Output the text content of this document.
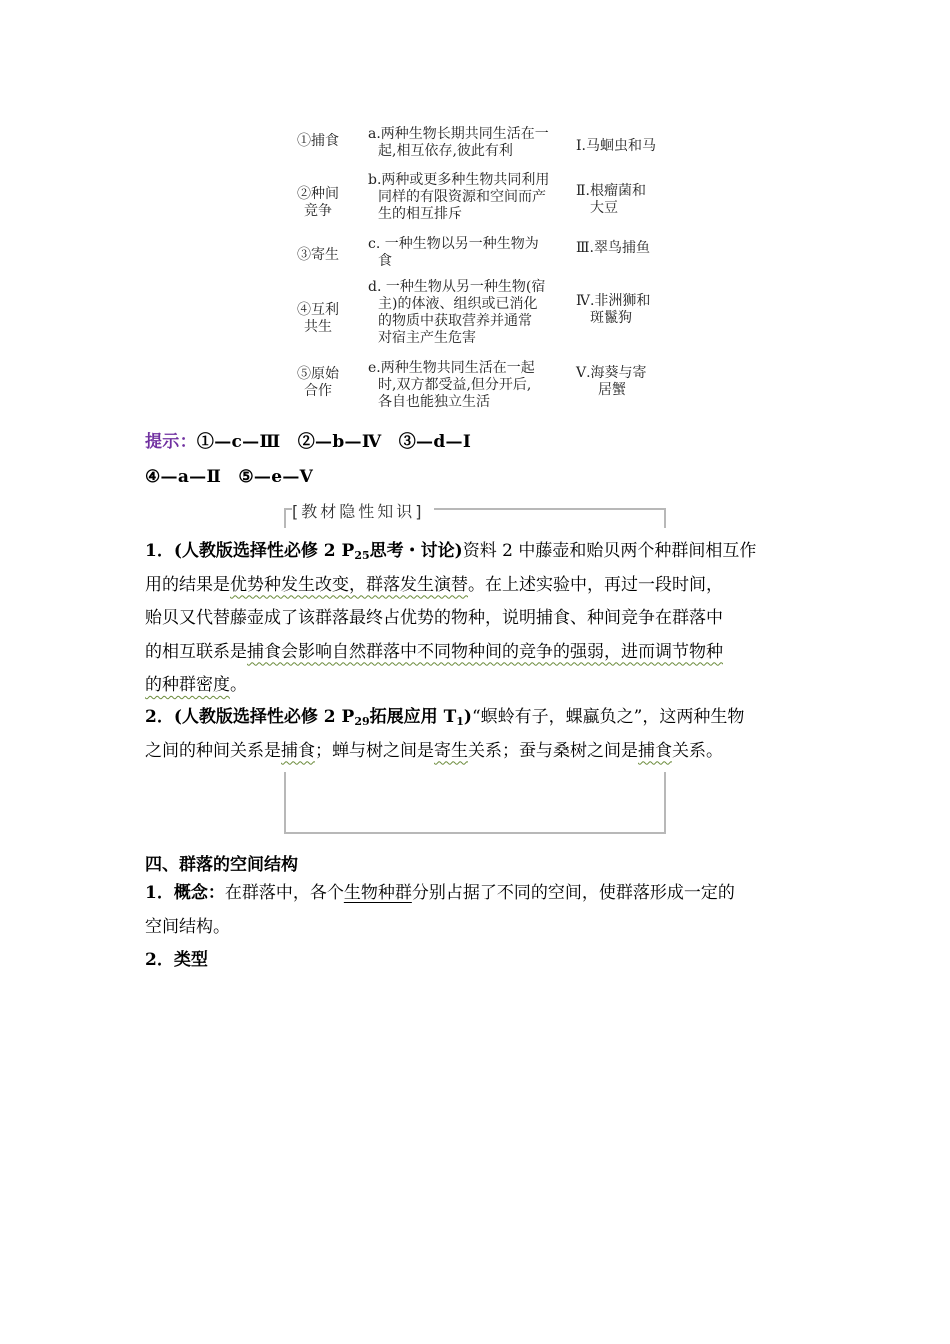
①捕食
②种间
竞争
③寄生
④互利
共生
⑤原始
合作
a.两种生物长期共同生活在一
起,相互依存,彼此有利
b.两种或更多种生物共同利用
同样的有限资源和空间而产
生的相互排斥
c. 一种生物以另一种生物为
食
d. 一种生物从另一种生物(宿
主)的体液、组织或已消化
的物质中获取营养并通常
对宿主产生危害
e.两种生物共同生活在一起
时,双方都受益,但分开后,
各自也能独立生活
Ⅰ.马蛔虫和马
Ⅱ.根瘤菌和
大豆
Ⅲ.翠鸟捕鱼
Ⅳ.非洲狮和
斑鬣狗
Ⅴ.海葵与寄
居蟹
提示：①—c—Ⅲ　②—b—Ⅳ　③—d—Ⅰ
④—a—Ⅱ　⑤—e—Ⅴ
[教材隐性知识]
1．(人教版选择性必修 2 $P_{25}$思考・讨论)资料 2 中藤壶和贻贝两个种群间相互作
用的结果是优势种发生改变，群落发生演替。在上述实验中，再过一段时间，
贻贝又代替藤壶成了该群落最终占优势的物种，说明捕食、种间竞争在群落中
的相互联系是捕食会影响自然群落中不同物种间的竞争的强弱，进而调节物种
的种群密度。
2．(人教版选择性必修 2 $P_{29}$拓展应用 $T_1)“$螟蛉有子，蜾蠃负之”，这两种生物
之间的种间关系是捕食；蝉与树之间是寄生关系；蚕与桑树之间是捕食关系。
四、群落的空间结构
1．概念：在群落中，各个生物种群分别占据了不同的空间，使群落形成一定的
空间结构。
2．类型
